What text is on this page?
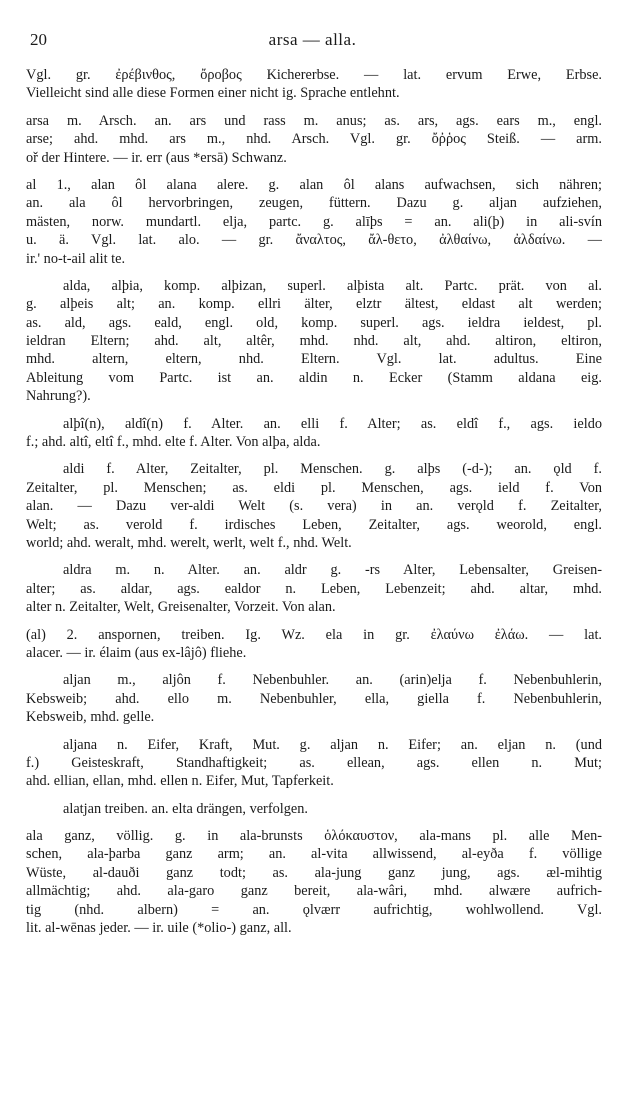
20	arsa — alla.
Vgl. gr. ἐρέβινθος, ὄροβος Kichererbse. — lat. ervum Erwe, Erbse.
Vielleicht sind alle diese Formen einer nicht ig. Sprache entlehnt.
arsa m. Arsch. an. ars und rass m. anus; as. ars, ags. ears m., engl.
arse; ahd. mhd. ars m., nhd. Arsch. Vgl. gr. ὄῤῥος Steiß. — arm.
oř der Hintere. — ir. err (aus *ersā) Schwanz.
al 1., alan ôl alana alere. g. alan ôl alans aufwachsen, sich nähren;
an. ala ôl hervorbringen, zeugen, füttern. Dazu g. aljan aufziehen,
mästen, norw. mundartl. elja, partc. g. alīþs = an. ali(þ) in ali-svín
u. ä. Vgl. lat. alo. — gr. ἄναλτος, ἄλ-θετο, ἀλθαίνω, ἀλδαίνω. —
ir.' no-t-ail alit te.
alda, alþia, komp. alþizan, superl. alþista alt. Partc. prät. von al.
g. alþeis alt; an. komp. ellri älter, elztr ältest, eldast alt werden;
as. ald, ags. eald, engl. old, komp. superl. ags. ieldra ieldest, pl.
ieldran Eltern; ahd. alt, altêr, mhd. nhd. alt, ahd. altiron, eltiron,
mhd. altern, eltern, nhd. Eltern. Vgl. lat. adultus. Eine
Ableitung vom Partc. ist an. aldin n. Ecker (Stamm aldana eig.
Nahrung?).
alþî(n), aldî(n) f. Alter. an. elli f. Alter; as. eldî f., ags. ieldo
f.; ahd. altî, eltî f., mhd. elte f. Alter. Von alþa, alda.
aldi f. Alter, Zeitalter, pl. Menschen. g. alþs (-d-); an. ǫld f.
Zeitalter, pl. Menschen; as. eldi pl. Menschen, ags. ield f. Von
alan. — Dazu ver-aldi Welt (s. vera) in an. verǫld f. Zeitalter,
Welt; as. verold f. irdisches Leben, Zeitalter, ags. weorold, engl.
world; ahd. weralt, mhd. werelt, werlt, welt f., nhd. Welt.
aldra m. n. Alter. an. aldr g. -rs Alter, Lebensalter, Greisen-
alter; as. aldar, ags. ealdor n. Leben, Lebenzeit; ahd. altar, mhd.
alter n. Zeitalter, Welt, Greisenalter, Vorzeit. Von alan.
(al) 2. anspornen, treiben. Ig. Wz. ela in gr. ἐλαύνω ἐλάω. — lat.
alacer. — ir. élaim (aus ex-lâjô) fliehe.
aljan m., aljôn f. Nebenbuhler. an. (arin)elja f. Nebenbuhlerin,
Kebsweib; ahd. ello m. Nebenbuhler, ella, giella f. Nebenbuhlerin,
Kebsweib, mhd. gelle.
aljana n. Eifer, Kraft, Mut. g. aljan n. Eifer; an. eljan n. (und
f.) Geisteskraft, Standhaftigkeit; as. ellean, ags. ellen n. Mut;
ahd. ellian, ellan, mhd. ellen n. Eifer, Mut, Tapferkeit.
alatjan treiben. an. elta drängen, verfolgen.
ala ganz, völlig. g. in ala-brunsts ὁλόκαυστον, ala-mans pl. alle Men-
schen, ala-þarba ganz arm; an. al-vita allwissend, al-eyða f. völlige
Wüste, al-dauði ganz todt; as. ala-jung ganz jung, ags. æl-mihtig
allmächtig; ahd. ala-garo ganz bereit, ala-wâri, mhd. alwære aufrich-
tig (nhd. albern) = an. ǫlværr aufrichtig, wohlwollend. Vgl.
lit. al-wēnas jeder. — ir. uile (*olio-) ganz, all.
